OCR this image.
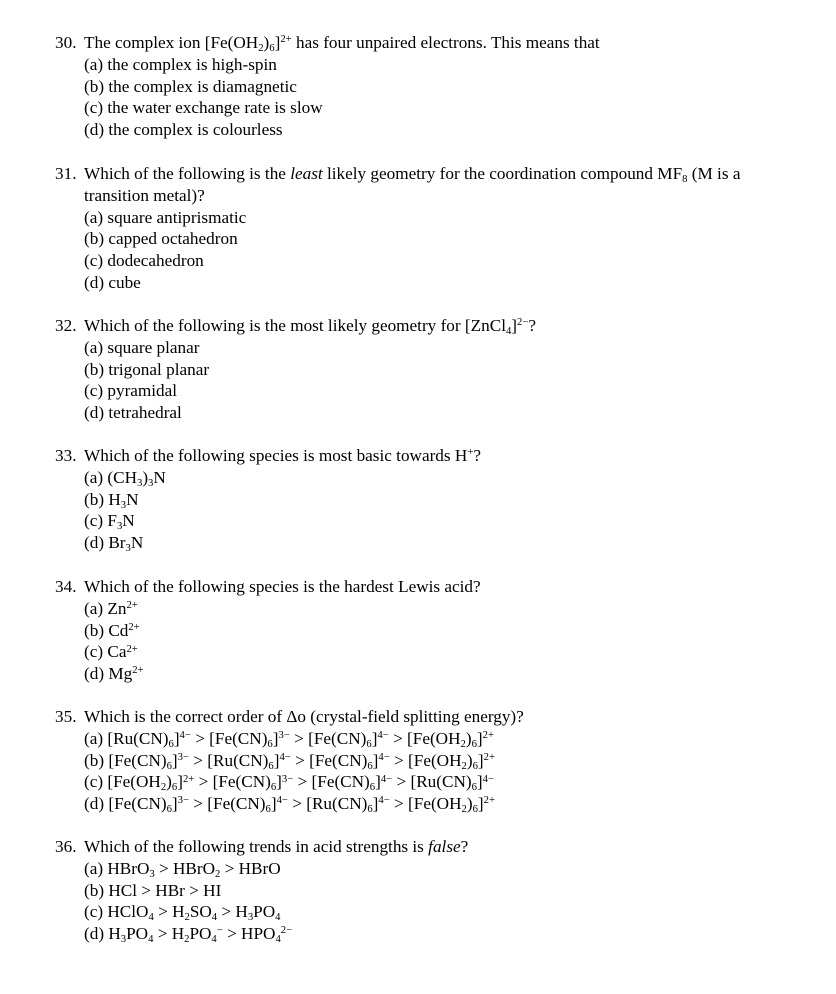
30. The complex ion $[Fe(OH_2)_6]^{2+}$ has four unpaired electrons. This means that

(a) the complex is high-spin
(b) the complex is diamagnetic
(c) the water exchange rate is slow
(d) the complex is colourless

31. Which of the following is the least likely geometry for the coordination compound $MF_8$ (M is a transition metal)?

(a) square antiprismatic
(b) capped octahedron
(c) dodecahedron
(d) cube

32. Which of the following is the most likely geometry for [ZnCl$_4$]$^{2-}$?

(a) square planar
(b) trigonal planar
(c) pyramidal
(d) tetrahedral

33. Which of the following species is most basic towards H+?

(a) $(CH_3)_3N$
(b) $H_3N$
(c) $F_3N$
(d) $Br_3N$

34. Which of the following species is the hardest Lewis acid?

(a) $Zn^{2+}$
(b) $Cd^{2+}$
(c) $Ca^{2+}$
(d) $Mg^{2+}$

35. Which is the correct order of Δo (crystal-field splitting energy)?

(a) $[Ru(CN)_6]^{4-} > [Fe(CN)_6]^{3-} > [Fe(CN)_6]^{4-} > [Fe(OH_2)_6]^{2+}$
(b) $[Fe(CN)_6]^{3-} > [Ru(CN)_6]^{4-} > [Fe(CN)_6]^{4-} > [Fe(OH_2)_6]^{2+}$
(c) $[Fe(OH_2)_6]^{2+} > [Fe(CN)_6]^{3-} > [Fe(CN)_6]^{4-} > [Ru(CN)_6]^{4-}$
(d) $[Fe(CN)_6]^{3-} > [Fe(CN)_6]^{4-} > [Ru(CN)_6]^{4-} > [Fe(OH_2)_6]^{2+}$

36. Which of the following trends in acid strengths is false?

(a) HBrO$_3$ > HBrO$_2$ > HBrO
(b) HCl > HBr > HI
(c) HClO$_4$ > $H_2SO_4 > H_3PO_4$
(d) $H_3PO_4 > H_2PO_4^- > HPO_4^{2-}$
